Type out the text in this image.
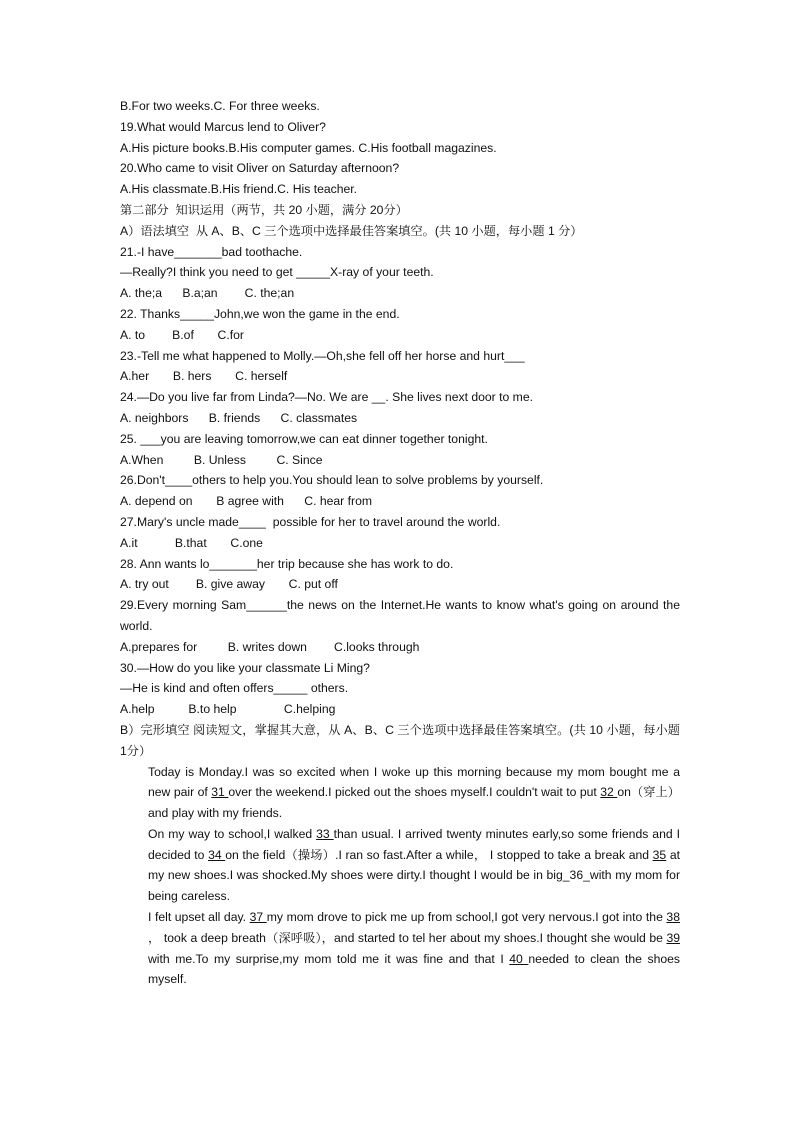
B.For two weeks.C. For three weeks.
19.What would Marcus lend to Oliver?
A.His picture books.B.His computer games. C.His football magazines.
20.Who came to visit Oliver on Saturday afternoon?
A.His classmate.B.His friend.C. His teacher.
第二部分  知识运用（两节，共 20 小题，满分 20分）
A）语法填空  从 A、B、C 三个选项中选择最佳答案填空。(共 10 小题，每小题 1 分）
21.-I have_______bad toothache.
—Really?I think you need to get _____X-ray of your teeth.
A. the;a      B.a;an        C. the;an
22. Thanks_____John,we won the game in the end.
A. to        B.of       C.for
23.-Tell me what happened to Molly.—Oh,she fell off her horse and hurt___
A.her       B. hers       C. herself
24.—Do you live far from Linda?—No. We are __. She lives next door to me.
A. neighbors      B. friends      C. classmates
25. ___you are leaving tomorrow,we can eat dinner together tonight.
A.When         B. Unless         C. Since
26.Don't____others to help you.You should lean to solve problems by yourself.
A. depend on       B agree with      C. hear from
27.Mary's uncle made____  possible for her to travel around the world.
A.it           B.that       C.one
28. Ann wants lo_______her trip because she has work to do.
A. try out        B. give away       C. put off
29.Every morning Sam______the news on the Internet.He wants to know what's going on around the world.
A.prepares for         B. writes down        C.looks through
30.—How do you like your classmate Li Ming?
—He is kind and often offers_____ others.
A.help          B.to help              C.helping
B）完形填空 阅读短文，掌握其大意，从 A、B、C 三个选项中选择最佳答案填空。(共 10 小题，每小题 1分）

Today is Monday.I was so excited when I woke up this morning because my mom bought me a new pair of 31 over the weekend.I picked out the shoes myself.I couldn't wait to put 32 on（穿上）and play with my friends.

On my way to school,I walked 33 than usual. I arrived twenty minutes early,so some friends and I decided to 34 on the field（操场）.I ran so fast.After a while， I stopped to take a break and 35 at my new shoes.I was shocked.My shoes were dirty.I thought I would be in big_36_with my mom for being careless.

I felt upset all day. 37 my mom drove to pick me up from school,I got very nervous.I got into the 38 ， took a deep breath（深呼吸），and started to tel her about my shoes.I thought she would be 39 with me.To my surprise,my mom told me it was fine and that I 40 needed to clean the shoes myself.
